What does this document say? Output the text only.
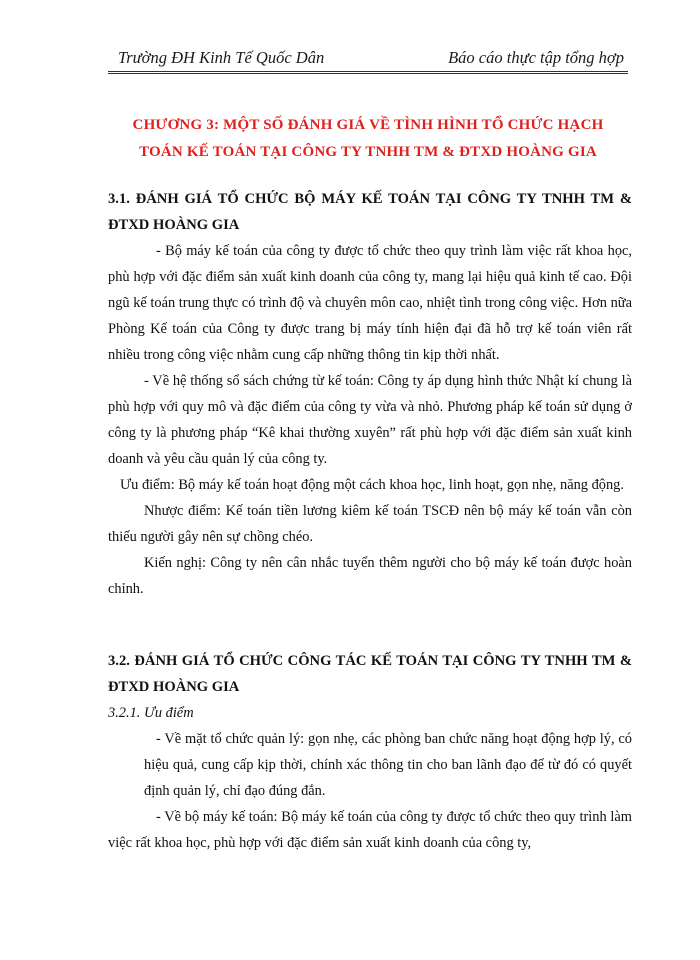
Trường ĐH Kinh Tế Quốc Dân	Báo cáo thực tập tổng hợp
CHƯƠNG 3: MỘT SỐ ĐÁNH GIÁ VỀ TÌNH HÌNH TỔ CHỨC HẠCH
TOÁN KẾ TOÁN TẠI CÔNG TY TNHH TM & ĐTXD HOÀNG GIA
3.1. ĐÁNH GIÁ TỔ CHỨC BỘ MÁY KẾ TOÁN TẠI CÔNG TY TNHH TM & ĐTXD HOÀNG GIA
- Bộ máy kế toán của công ty được tổ chức theo quy trình làm việc rất khoa học, phù hợp với đặc điểm sản xuất kinh doanh của công ty, mang lại hiệu quả kinh tế cao. Đội ngũ kế toán trung thực có trình độ và chuyên môn cao, nhiệt tình trong công việc. Hơn nữa Phòng Kế toán của Công ty được trang bị máy tính hiện đại đã hỗ trợ kế toán viên rất nhiều trong công việc nhằm cung cấp những thông tin kịp thời nhất.
- Về hệ thống sổ sách chứng từ kế toán: Công ty áp dụng hình thức Nhật kí chung là phù hợp với quy mô và đặc điểm của công ty vừa và nhỏ. Phương pháp kế toán sử dụng ở công ty là phương pháp “Kê khai thường xuyên” rất phù hợp với đặc điểm sản xuất kinh doanh và yêu cầu quản lý của công ty.
Ưu điểm: Bộ máy kế toán hoạt động một cách khoa học, linh hoạt, gọn nhẹ, năng động.
Nhược điểm: Kế toán tiền lương kiêm kế toán TSCĐ nên bộ máy kế toán vẫn còn thiếu người gây nên sự chồng chéo.
Kiến nghị: Công ty nên cân nhắc tuyển thêm người cho bộ máy kế toán được hoàn chỉnh.
3.2. ĐÁNH GIÁ TỔ CHỨC CÔNG TÁC KẾ TOÁN TẠI CÔNG TY TNHH TM & ĐTXD HOÀNG GIA
3.2.1. Ưu điểm
- Về mặt tổ chức quản lý: gọn nhẹ, các phòng ban chức năng hoạt động hợp lý, có hiệu quả, cung cấp kịp thời, chính xác thông tin cho ban lãnh đạo để từ đó có quyết định quản lý, chỉ đạo đúng đắn.
- Về bộ máy kế toán: Bộ máy kế toán của công ty được tổ chức theo quy trình làm việc rất khoa học, phù hợp với đặc điểm sản xuất kinh doanh của công ty,
